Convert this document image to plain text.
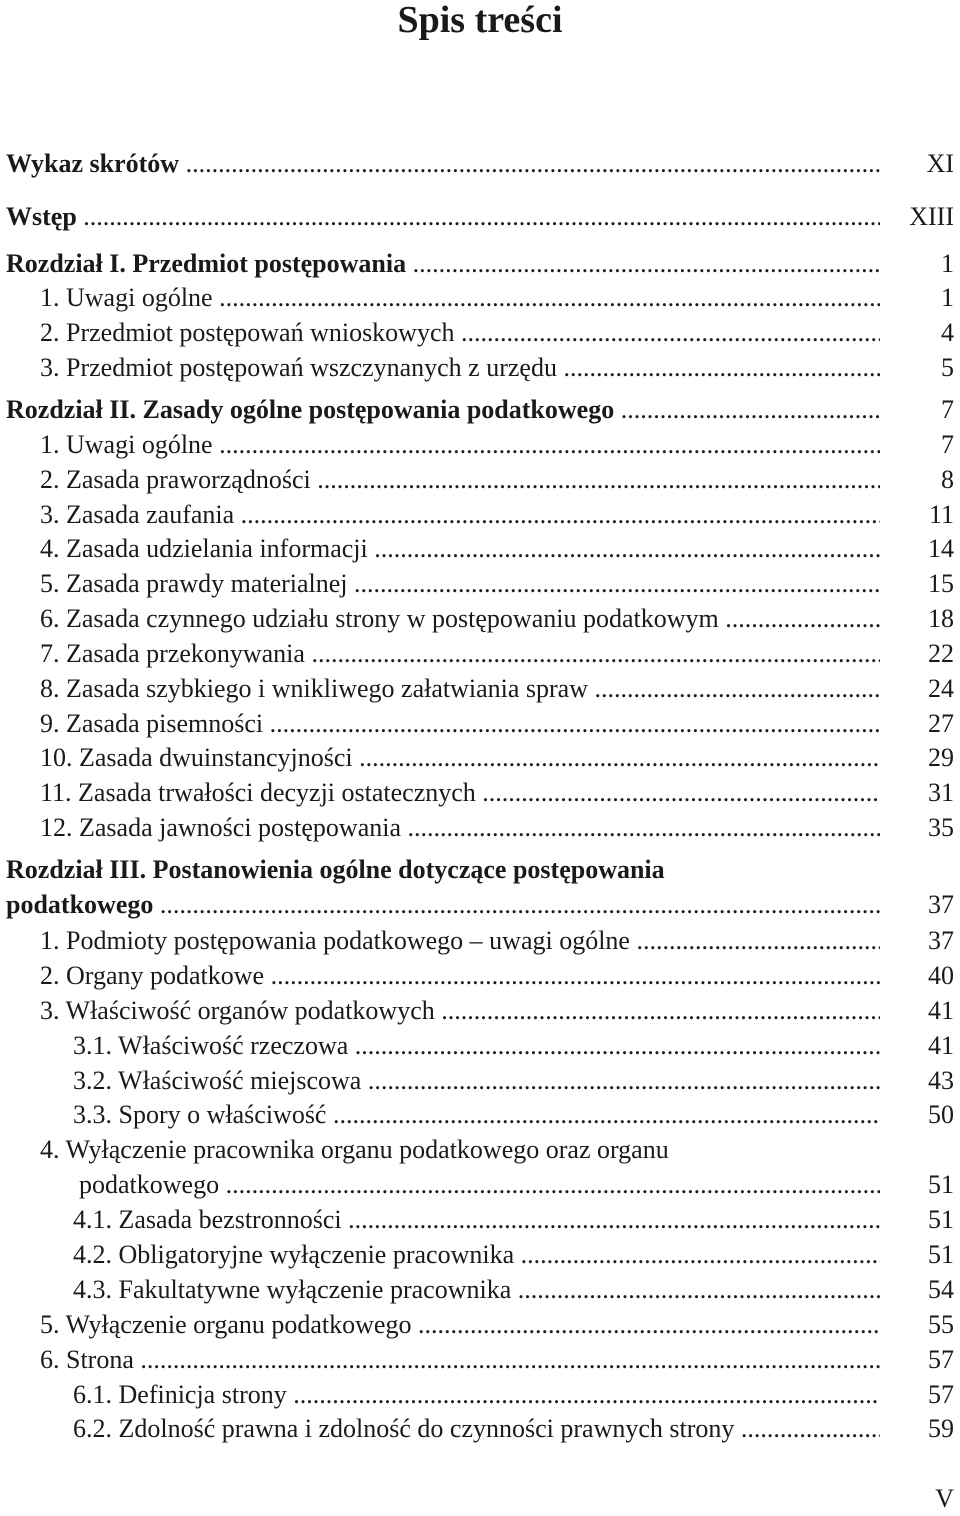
Spis treści
Wykaz skrótów .....	XI
Wstęp .....	XIII
Rozdział I. Przedmiot postępowania .....	1
1. Uwagi ogólne .....	1
2. Przedmiot postępowań wnioskowych .....	4
3. Przedmiot postępowań wszczynanych z urzędu .....	5
Rozdział II. Zasady ogólne postępowania podatkowego .....	7
1. Uwagi ogólne .....	7
2. Zasada praworządności .....	8
3. Zasada zaufania .....	11
4. Zasada udzielania informacji .....	14
5. Zasada prawdy materialnej .....	15
6. Zasada czynnego udziału strony w postępowaniu podatkowym .....	18
7. Zasada przekonywania .....	22
8. Zasada szybkiego i wnikliwego załatwiania spraw .....	24
9. Zasada pisemności .....	27
10. Zasada dwuinstancyjności .....	29
11. Zasada trwałości decyzji ostatecznych .....	31
12. Zasada jawności postępowania .....	35
Rozdział III. Postanowienia ogólne dotyczące postępowania
podatkowego .....	37
1. Podmioty postępowania podatkowego – uwagi ogólne .....	37
2. Organy podatkowe .....	40
3. Właściwość organów podatkowych .....	41
3.1. Właściwość rzeczowa .....	41
3.2. Właściwość miejscowa .....	43
3.3. Spory o właściwość .....	50
4. Wyłączenie pracownika organu podatkowego oraz organu
podatkowego .....	51
4.1. Zasada bezstronności .....	51
4.2. Obligatoryjne wyłączenie pracownika .....	51
4.3. Fakultatywne wyłączenie pracownika .....	54
5. Wyłączenie organu podatkowego .....	55
6. Strona .....	57
6.1. Definicja strony .....	57
6.2. Zdolność prawna i zdolność do czynności prawnych strony .....	59
V
